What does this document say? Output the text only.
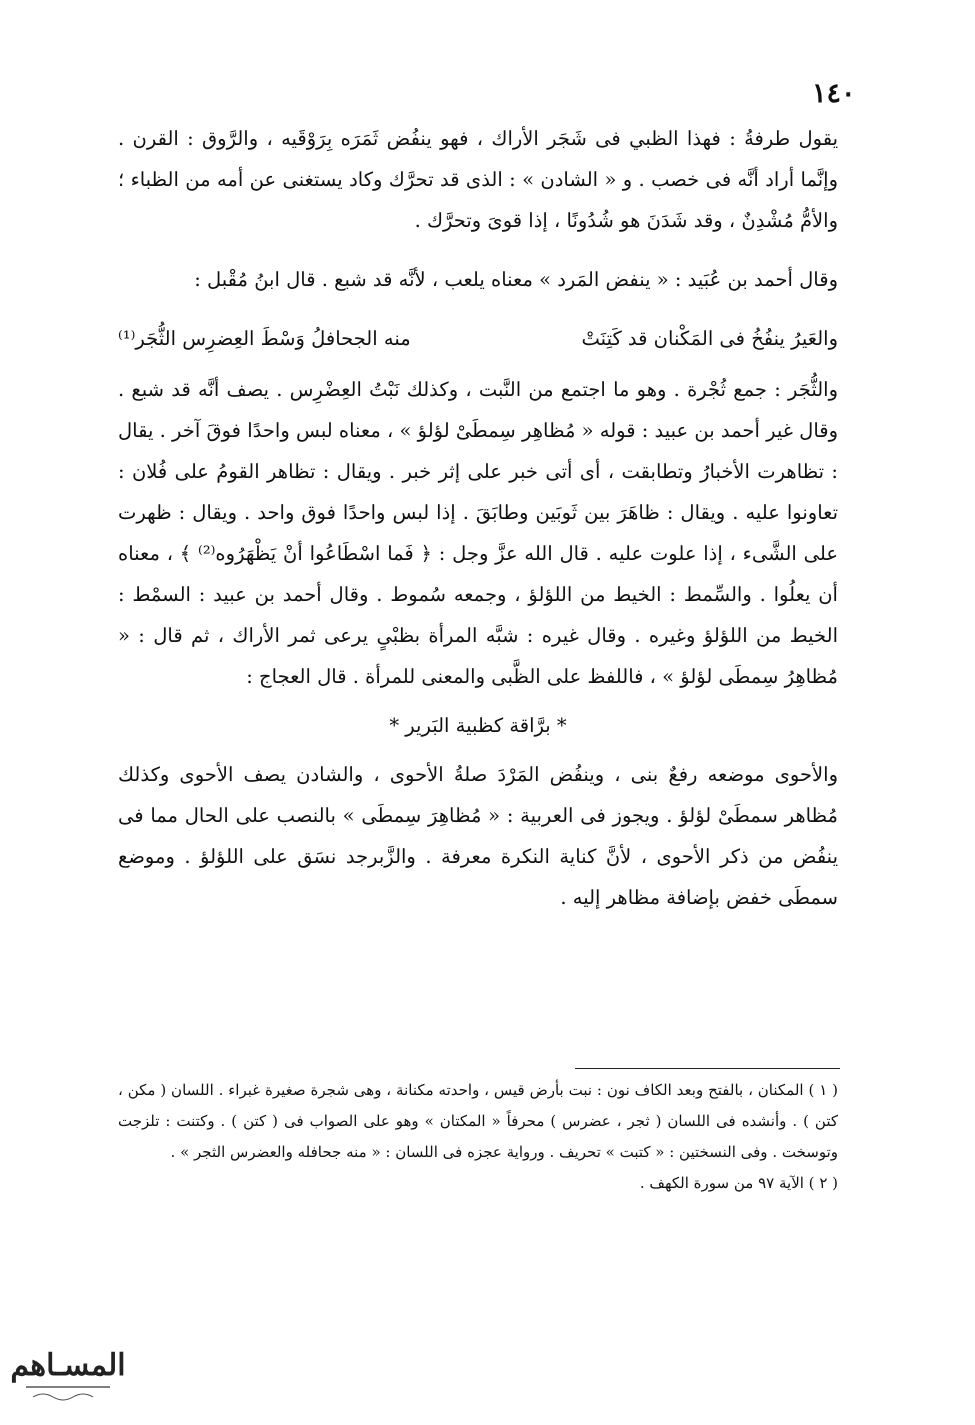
١٤٠

يقول طرفةُ : فهذا الظبي فى شَجَر الأراك ، فهو ينفُض ثَمَرَه بِرَوْقَيه ، والرَّوق : القرن . وإنَّما أراد أنَّه فى خصب . و « الشادن » : الذى قد تحرَّك وكاد يستغنى عن أمه من الظباء ؛ والأمُّ مُشْدِنٌ ، وقد شَدَنَ هو شُدُونًا ، إذا قوىَ وتحرَّك .

وقال أحمد بن عُبَيد : « ينفض المَرد » معناه يلعب ، لأنَّه قد شبع . قال ابنُ مُقْبل :

والعَيرُ ينفُخُ فى المَكْنان قد كَتِنَتْ
منه الجحافلُ وَسْطَ العِضرِس الثُّجَر⁽¹⁾

والثُّجَر : جمع ثُجْرة . وهو ما اجتمع من النَّبت ، وكذلك نَبْتُ العِضْرِس . يصف أنَّه قد شبع . وقال غير أحمد بن عبيد : قوله « مُظاهِر سِمطَىْ لؤلؤ » ، معناه لبس واحدًا فوقَ آخر . يقال : تظاهرت الأخبارُ وتطابقت ، أى أتى خبر على إثر خبر . ويقال : تظاهر القومُ على فُلان : تعاونوا عليه . ويقال : ظاهَرَ بين ثَوبَين وطابَقَ . إذا لبس واحدًا فوق واحد . ويقال : ظهرت على الشَّىء ، إذا علوت عليه . قال الله عزَّ وجل : ﴿ فَما اسْطَاعُوا أنْ يَظْهَرُوه⁽²⁾ ﴾ ، معناه أن يعلُوا . والسِّمط : الخيط من اللؤلؤ ، وجمعه سُموط . وقال أحمد بن عبيد : السمْط : الخيط من اللؤلؤ وغيره . وقال غيره : شبَّه المرأة بظبْىٍ يرعى ثمر الأراك ، ثم قال : « مُظاهِرُ سِمطَى لؤلؤ » ، فاللفظ على الظَّبى والمعنى للمرأة . قال العجاج :

* برَّاقة كظبية البَرير *

والأحوى موضعه رفعٌ بنى ، وينفُض المَرْدَ صلةُ الأحوى ، والشادن يصف الأحوى وكذلك مُظاهر سمطَىْ لؤلؤ . ويجوز فى العربية : « مُظاهِرَ سِمطَى » بالنصب على الحال مما فى ينفُض من ذكر الأحوى ، لأنَّ كناية النكرة معرفة . والزَّبرجد نسَق على اللؤلؤ . وموضع سمطَى خفض بإضافة مظاهر إليه .

( ١ ) المكنان ، بالفتح وبعد الكاف نون : نبت بأرض قيس ، واحدته مكنانة ، وهى شجرة صغيرة غبراء . اللسان ( مكن ، كتن ) . وأنشده فى اللسان ( ثجر ، عضرس ) محرفاً « المكتان » وهو على الصواب فى ( كتن ) . وكتنت : تلزجت وتوسخت . وفى النسختين : « كتبت » تحريف . ورواية عجزه فى اللسان : « منه جحافله والعضرس الثجر » .

( ٢ ) الآية ٩٧ من سورة الكهف .

المسـاهم
